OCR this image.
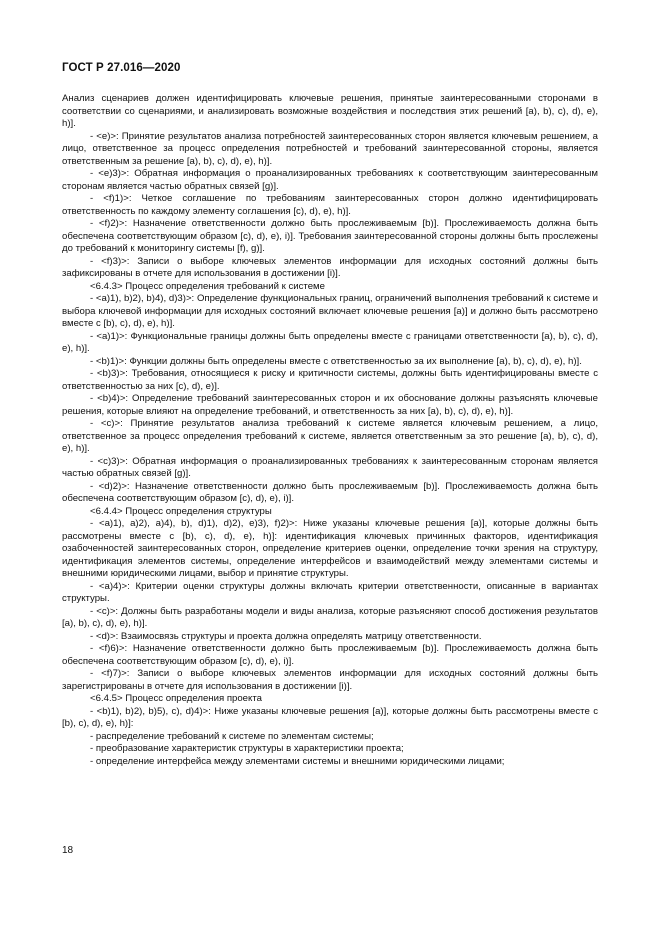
ГОСТ Р 27.016—2020

Анализ сценариев должен идентифицировать ключевые решения, принятые заинтересованными сторонами в соответствии со сценариями, и анализировать возможные воздействия и последствия этих решений [a), b), c), d), e), h)].

- <e)>: Принятие результатов анализа потребностей заинтересованных сторон является ключевым решением, а лицо, ответственное за процесс определения потребностей и требований заинтересованной стороны, является ответственным за решение [a), b), c), d), e), h)].

- <e)3)>: Обратная информация о проанализированных требованиях к соответствующим заинтересованным сторонам является частью обратных связей [g)].

- <f)1)>: Четкое соглашение по требованиям заинтересованных сторон должно идентифицировать ответственность по каждому элементу соглашения [c), d), e), h)].

- <f)2)>: Назначение ответственности должно быть прослеживаемым [b)]. Прослеживаемость должна быть обеспечена соответствующим образом [c), d), e), i)]. Требования заинтересованной стороны должны быть прослежены до требований к мониторингу системы [f), g)].

- <f)3)>: Записи о выборе ключевых элементов информации для исходных состояний должны быть зафиксированы в отчете для использования в достижении [i)].

<6.4.3> Процесс определения требований к системе

- <a)1), b)2), b)4), d)3)>: Определение функциональных границ, ограничений выполнения требований к системе и выбора ключевой информации для исходных состояний включает ключевые решения [a)] и должно быть рассмотрено вместе с [b), c), d), e), h)].

- <a)1)>: Функциональные границы должны быть определены вместе с границами ответственности [a), b), c), d), e), h)].

- <b)1)>: Функции должны быть определены вместе с ответственностью за их выполнение [a), b), c), d), e), h)].

- <b)3)>: Требования, относящиеся к риску и критичности системы, должны быть идентифицированы вместе с ответственностью за них [c), d), e)].

- <b)4)>: Определение требований заинтересованных сторон и их обоснование должны разъяснять ключевые решения, которые влияют на определение требований, и ответственность за них [a), b), c), d), e), h)].

- <c)>: Принятие результатов анализа требований к системе является ключевым решением, а лицо, ответственное за процесс определения требований к системе, является ответственным за это решение [a), b), c), d), e), h)].

- <c)3)>: Обратная информация о проанализированных требованиях к заинтересованным сторонам является частью обратных связей [g)].

- <d)2)>: Назначение ответственности должно быть прослеживаемым [b)]. Прослеживаемость должна быть обеспечена соответствующим образом [c), d), e), i)].

<6.4.4> Процесс определения структуры

- <a)1), a)2), a)4), b), d)1), d)2), e)3), f)2)>: Ниже указаны ключевые решения [a)], которые должны быть рассмотрены вместе с [b), c), d), e), h)]: идентификация ключевых причинных факторов, идентификация озабоченностей заинтересованных сторон, определение критериев оценки, определение точки зрения на структуру, идентификация элементов системы, определение интерфейсов и взаимодействий между элементами системы и внешними юридическими лицами, выбор и принятие структуры.

- <a)4)>: Критерии оценки структуры должны включать критерии ответственности, описанные в вариантах структуры.

- <c)>: Должны быть разработаны модели и виды анализа, которые разъясняют способ достижения результатов [a), b), c), d), e), h)].

- <d)>: Взаимосвязь структуры и проекта должна определять матрицу ответственности.

- <f)6)>: Назначение ответственности должно быть прослеживаемым [b)]. Прослеживаемость должна быть обеспечена соответствующим образом [c), d), e), i)].

- <f)7)>: Записи о выборе ключевых элементов информации для исходных состояний должны быть зарегистрированы в отчете для использования в достижении [i)].

<6.4.5> Процесс определения проекта

- <b)1), b)2), b)5), c), d)4)>: Ниже указаны ключевые решения [a)], которые должны быть рассмотрены вместе с [b), c), d), e), h)]:

- распределение требований к системе по элементам системы;

- преобразование характеристик структуры в характеристики проекта;

- определение интерфейса между элементами системы и внешними юридическими лицами;

18
